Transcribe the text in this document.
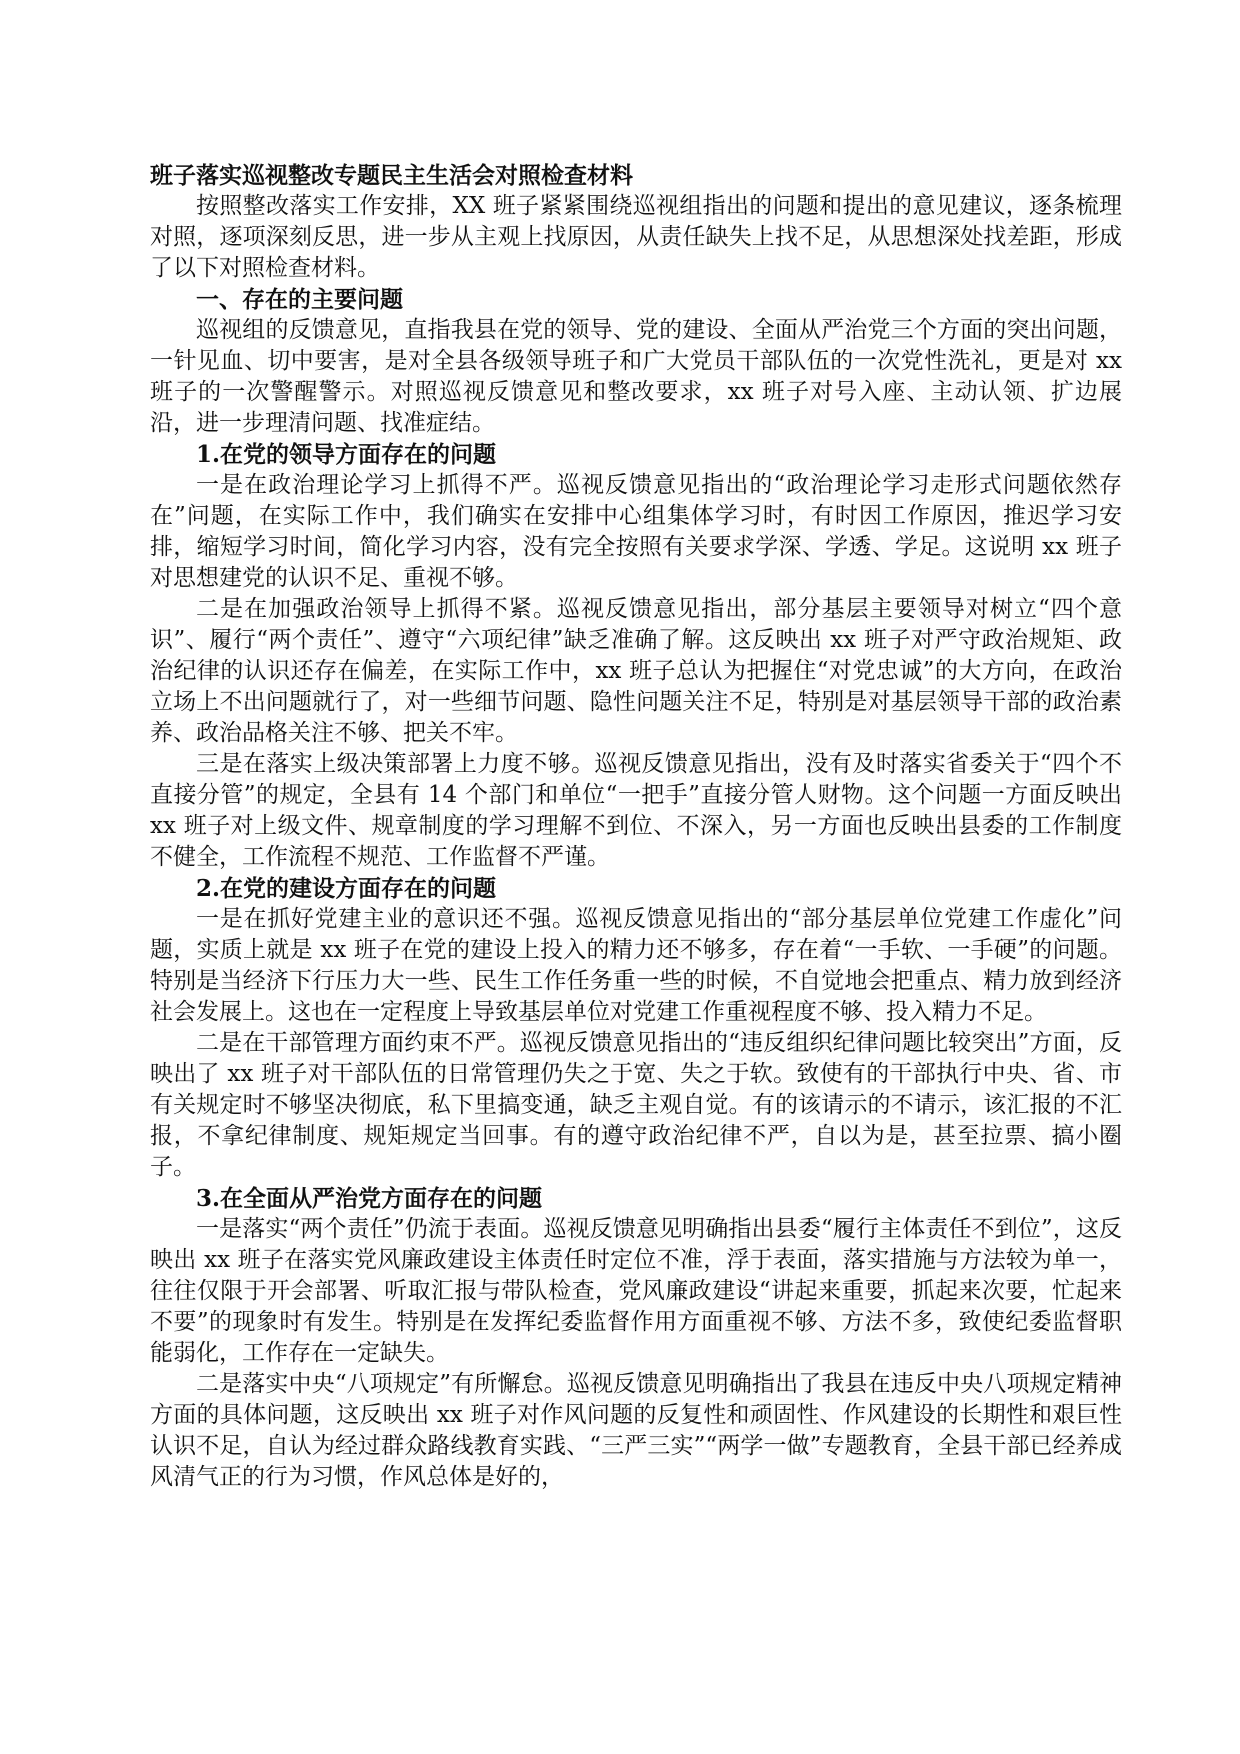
班子落实巡视整改专题民主生活会对照检查材料

按照整改落实工作安排，XX 班子紧紧围绕巡视组指出的问题和提出的意见建议，逐条梳理对照，逐项深刻反思，进一步从主观上找原因，从责任缺失上找不足，从思想深处找差距，形成了以下对照检查材料。

一、存在的主要问题

巡视组的反馈意见，直指我县在党的领导、党的建设、全面从严治党三个方面的突出问题，一针见血、切中要害，是对全县各级领导班子和广大党员干部队伍的一次党性洗礼，更是对 xx 班子的一次警醒警示。对照巡视反馈意见和整改要求，xx 班子对号入座、主动认领、扩边展沿，进一步理清问题、找准症结。

1.在党的领导方面存在的问题

一是在政治理论学习上抓得不严。巡视反馈意见指出的“政治理论学习走形式问题依然存在”问题，在实际工作中，我们确实在安排中心组集体学习时，有时因工作原因，推迟学习安排，缩短学习时间，简化学习内容，没有完全按照有关要求学深、学透、学足。这说明 xx 班子对思想建党的认识不足、重视不够。

二是在加强政治领导上抓得不紧。巡视反馈意见指出，部分基层主要领导对树立“四个意识”、履行“两个责任”、遵守“六项纪律”缺乏准确了解。这反映出 xx 班子对严守政治规矩、政治纪律的认识还存在偏差，在实际工作中，xx 班子总认为把握住“对党忠诚”的大方向，在政治立场上不出问题就行了，对一些细节问题、隐性问题关注不足，特别是对基层领导干部的政治素养、政治品格关注不够、把关不牢。

三是在落实上级决策部署上力度不够。巡视反馈意见指出，没有及时落实省委关于“四个不直接分管”的规定，全县有 14 个部门和单位“一把手”直接分管人财物。这个问题一方面反映出 xx 班子对上级文件、规章制度的学习理解不到位、不深入，另一方面也反映出县委的工作制度不健全，工作流程不规范、工作监督不严谨。

2.在党的建设方面存在的问题

一是在抓好党建主业的意识还不强。巡视反馈意见指出的“部分基层单位党建工作虚化”问题，实质上就是 xx 班子在党的建设上投入的精力还不够多，存在着“一手软、一手硬”的问题。特别是当经济下行压力大一些、民生工作任务重一些的时候，不自觉地会把重点、精力放到经济社会发展上。这也在一定程度上导致基层单位对党建工作重视程度不够、投入精力不足。

二是在干部管理方面约束不严。巡视反馈意见指出的“违反组织纪律问题比较突出”方面，反映出了 xx 班子对干部队伍的日常管理仍失之于宽、失之于软。致使有的干部执行中央、省、市有关规定时不够坚决彻底，私下里搞变通，缺乏主观自觉。有的该请示的不请示，该汇报的不汇报，不拿纪律制度、规矩规定当回事。有的遵守政治纪律不严，自以为是，甚至拉票、搞小圈子。

3.在全面从严治党方面存在的问题

一是落实“两个责任”仍流于表面。巡视反馈意见明确指出县委“履行主体责任不到位”，这反映出 xx 班子在落实党风廉政建设主体责任时定位不准，浮于表面，落实措施与方法较为单一，往往仅限于开会部署、听取汇报与带队检查，党风廉政建设“讲起来重要，抓起来次要，忙起来不要”的现象时有发生。特别是在发挥纪委监督作用方面重视不够、方法不多，致使纪委监督职能弱化，工作存在一定缺失。

二是落实中央“八项规定”有所懈怠。巡视反馈意见明确指出了我县在违反中央八项规定精神方面的具体问题，这反映出 xx 班子对作风问题的反复性和顽固性、作风建设的长期性和艰巨性认识不足，自认为经过群众路线教育实践、“三严三实”“两学一做”专题教育，全县干部已经养成风清气正的行为习惯，作风总体是好的，
